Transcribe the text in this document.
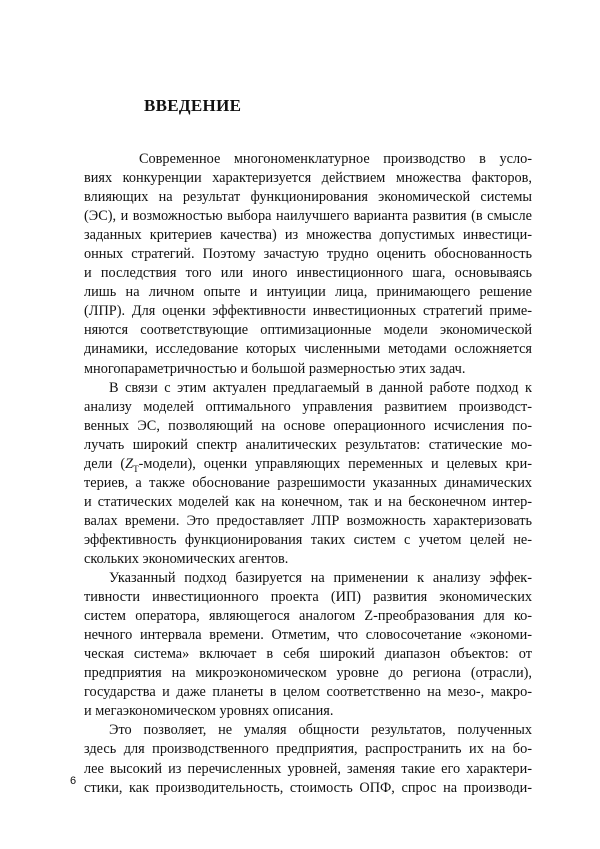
ВВЕДЕНИЕ
Современное многономенклатурное производство в усло-
виях конкуренции характеризуется действием множества факторов,
влияющих на результат функционирования экономической системы
(ЭС), и возможностью выбора наилучшего варианта развития (в смысле
заданных критериев качества) из множества допустимых инвестици-
онных стратегий. Поэтому зачастую трудно оценить обоснованность
и последствия того или иного инвестиционного шага, основываясь
лишь на личном опыте и интуиции лица, принимающего решение
(ЛПР). Для оценки эффективности инвестиционных стратегий приме-
няются соответствующие оптимизационные модели экономической
динамики, исследование которых численными методами осложняется
многопараметричностью и большой размерностью этих задач.
В связи с этим актуален предлагаемый в данной работе подход к
анализу моделей оптимального управления развитием производст-
венных ЭС, позволяющий на основе операционного исчисления по-
лучать широкий спектр аналитических результатов: статические мо-
дели $(Z_T-модели)$, оценки управляющих переменных и целевых кри-
териев, а также обоснование разрешимости указанных динамических
и статических моделей как на конечном, так и на бесконечном интер-
валах времени. Это предоставляет ЛПР возможность характеризовать
эффективность функционирования таких систем с учетом целей не-
скольких экономических агентов.
Указанный подход базируется на применении к анализу эффек-
тивности инвестиционного проекта (ИП) развития экономических
систем оператора, являющегося аналогом Z-преобразования для ко-
нечного интервала времени. Отметим, что словосочетание «экономи-
ческая система» включает в себя широкий диапазон объектов: от
предприятия на микроэкономическом уровне до региона (отрасли),
государства и даже планеты в целом соответственно на мезо-, макро-
и мегаэкономическом уровнях описания.
Это позволяет, не умаляя общности результатов, полученных
здесь для производственного предприятия, распространить их на бо-
лее высокий из перечисленных уровней, заменяя такие его характери-
стики, как производительность, стоимость ОПФ, спрос на производи-
6
